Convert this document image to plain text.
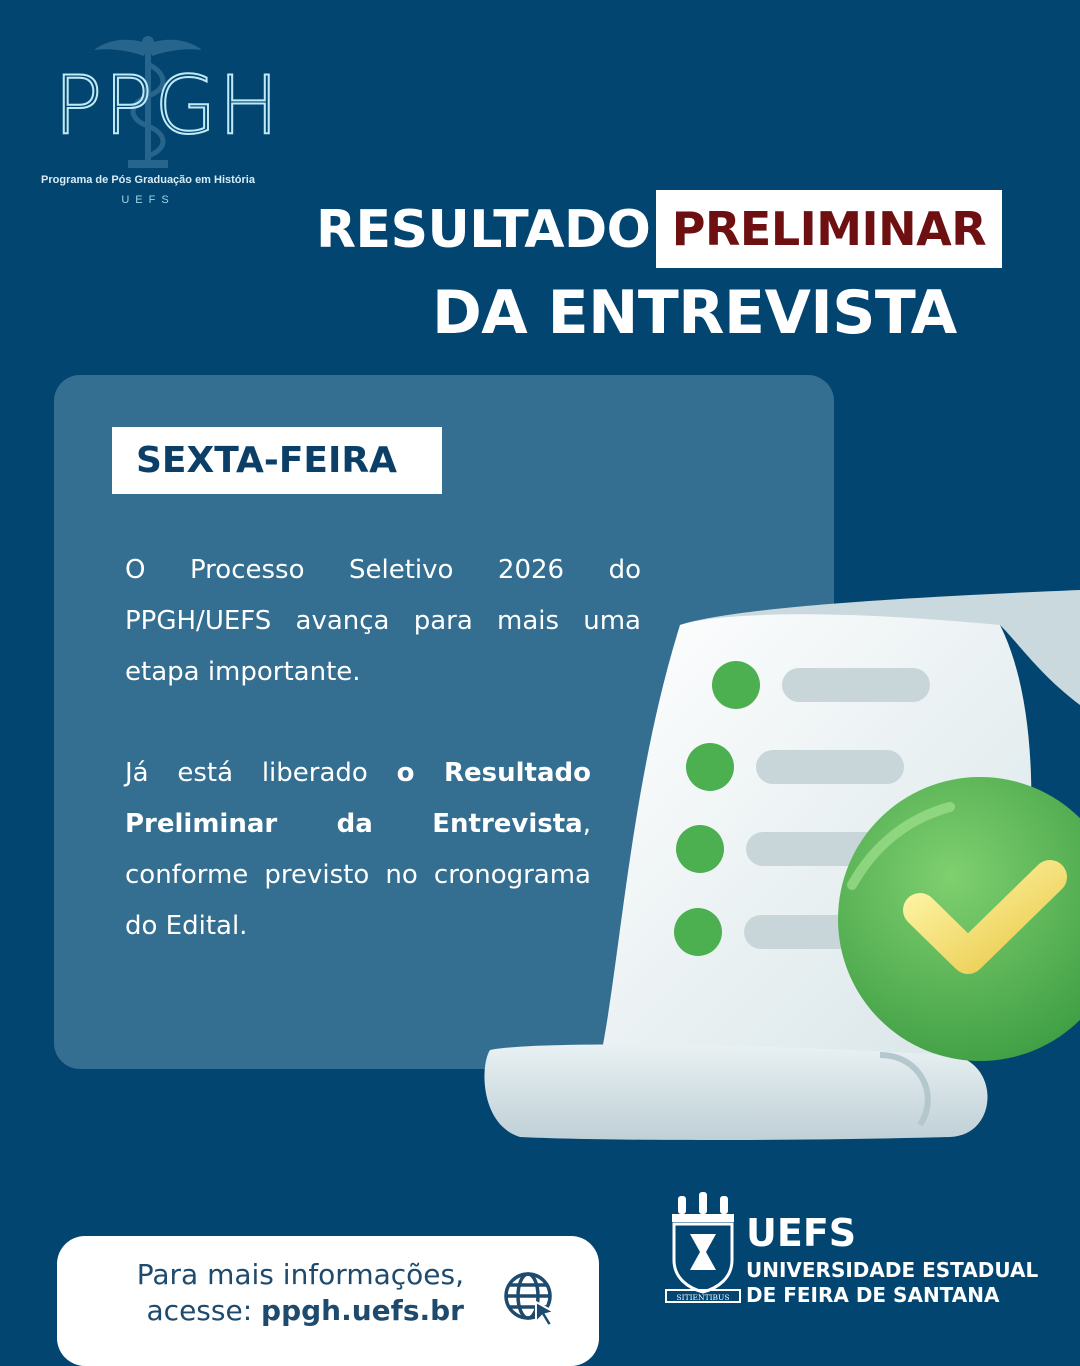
PPGH
Programa de Pós Graduação em História
UEFS	RESULTADO PRELIMINAR
DA ENTREVISTA
SEXTA-FEIRA
O Processo Seletivo 2026 do PPGH/UEFS avança para mais uma etapa importante.
Já está liberado o Resultado Preliminar da Entrevista, conforme previsto no cronograma do Edital.
Para mais informações,
acesse: ppgh.uefs.br	SITIENTIBUS
UEFS
UNIVERSIDADE ESTADUAL
DE FEIRA DE SANTANA
